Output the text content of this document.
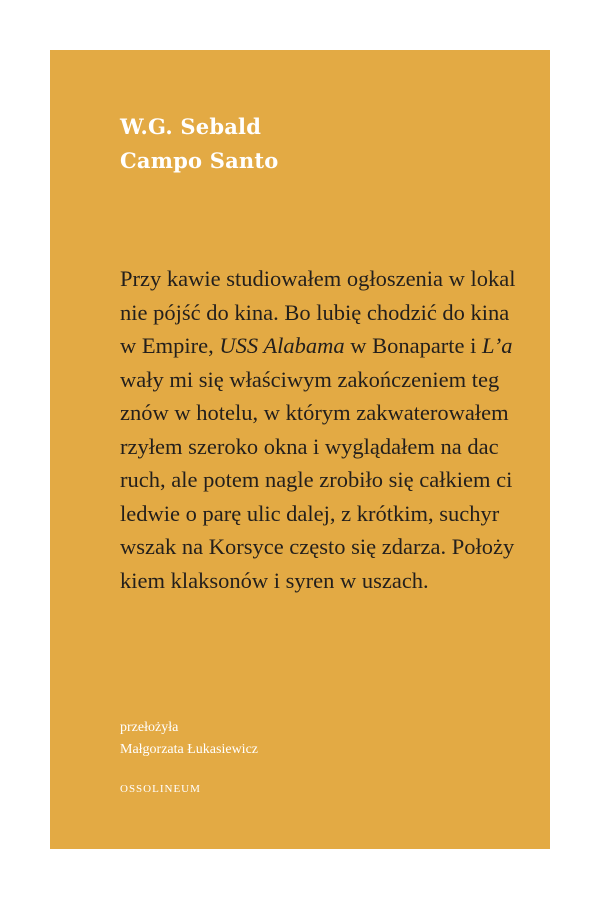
W.G. Sebald
Campo Santo
Przy kawie studiowałem ogłoszenia w lokal
nie pójść do kina. Bo lubię chodzić do kina
w Empire, USS Alabama w Bonaparte i L’a
wały mi się właściwym zakończeniem teg
znów w hotelu, w którym zakwaterowałem
rzyłem szeroko okna i wyglądałem na dac
ruch, ale potem nagle zrobiło się całkiem ci
ledwie o parę ulic dalej, z krótkim, suchyr
wszak na Korsyce często się zdarza. Położy
kiem klaksonów i syren w uszach.

przełożyła

Małgorzata Łukasiewicz

OSSOLINEUM
